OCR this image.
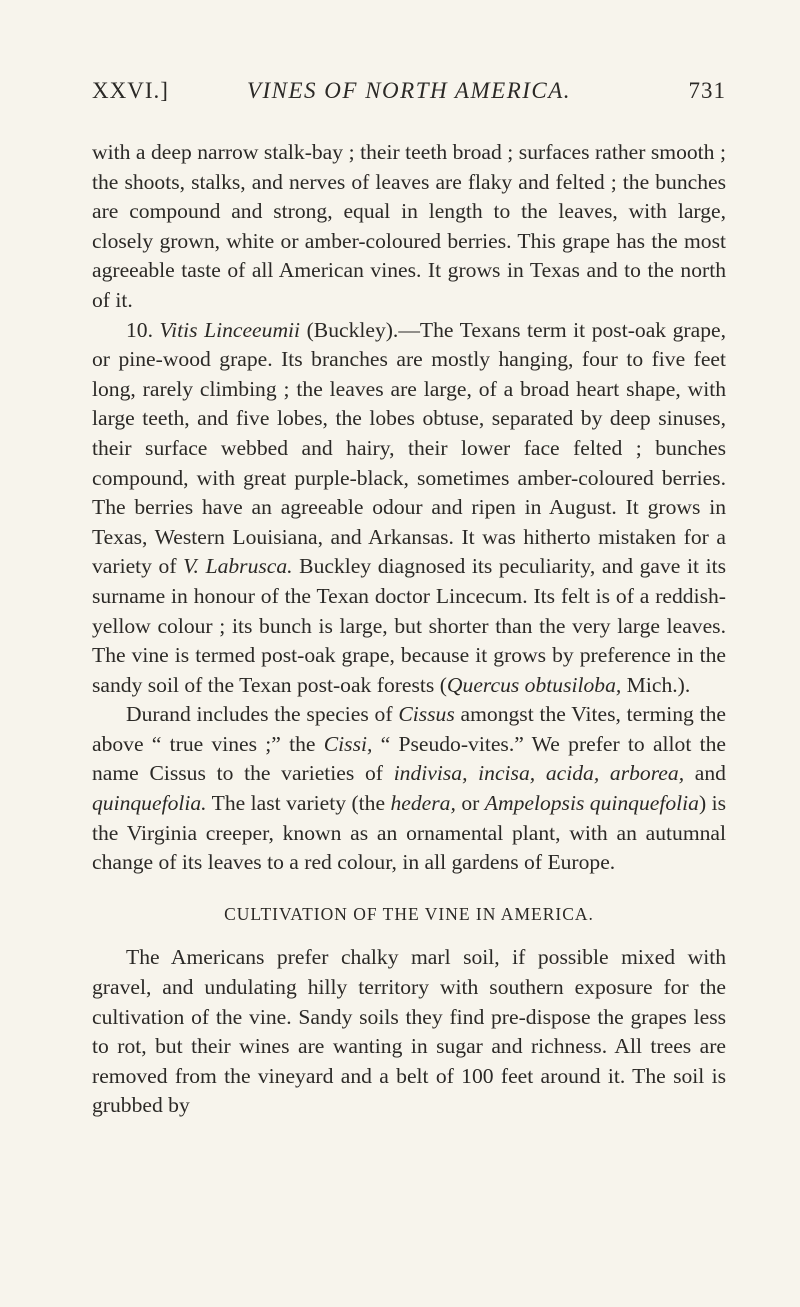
XXVI.]	VINES OF NORTH AMERICA.	731

with a deep narrow stalk-bay ; their teeth broad ; surfaces rather smooth ; the shoots, stalks, and nerves of leaves are flaky and felted ; the bunches are compound and strong, equal in length to the leaves, with large, closely grown, white or amber-coloured berries. This grape has the most agreeable taste of all American vines. It grows in Texas and to the north of it.

10. Vitis Linceeumii (Buckley).—The Texans term it post-oak grape, or pine-wood grape. Its branches are mostly hanging, four to five feet long, rarely climbing ; the leaves are large, of a broad heart shape, with large teeth, and five lobes, the lobes obtuse, separated by deep sinuses, their surface webbed and hairy, their lower face felted ; bunches compound, with great purple-black, sometimes amber-coloured berries. The berries have an agreeable odour and ripen in August. It grows in Texas, Western Louisiana, and Arkansas. It was hitherto mistaken for a variety of V. Labrusca. Buckley diagnosed its peculiarity, and gave it its surname in honour of the Texan doctor Lincecum. Its felt is of a reddish-yellow colour ; its bunch is large, but shorter than the very large leaves. The vine is termed post-oak grape, because it grows by preference in the sandy soil of the Texan post-oak forests (Quercus obtusiloba, Mich.).

Durand includes the species of Cissus amongst the Vites, terming the above “ true vines ;” the Cissi, “ Pseudo-vites.” We prefer to allot the name Cissus to the varieties of indivisa, incisa, acida, arborea, and quinquefolia. The last variety (the hedera, or Ampelopsis quinquefolia) is the Virginia creeper, known as an ornamental plant, with an autumnal change of its leaves to a red colour, in all gardens of Europe.

CULTIVATION OF THE VINE IN AMERICA.

The Americans prefer chalky marl soil, if possible mixed with gravel, and undulating hilly territory with southern exposure for the cultivation of the vine. Sandy soils they find pre-dispose the grapes less to rot, but their wines are wanting in sugar and richness. All trees are removed from the vineyard and a belt of 100 feet around it. The soil is grubbed by
